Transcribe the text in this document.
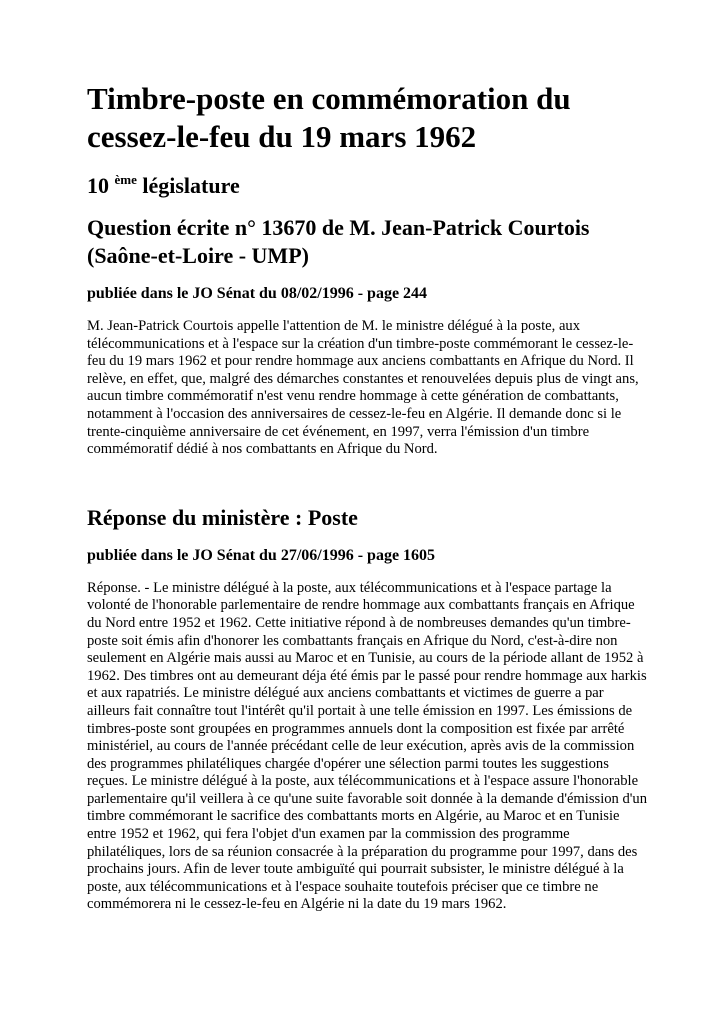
Timbre-poste en commémoration du cessez-le-feu du 19 mars 1962
10 $^{ème}$ législature
Question écrite n° 13670 de M. Jean-Patrick Courtois (Saône-et-Loire - UMP)
publiée dans le JO Sénat du 08/02/1996 - page 244

M. Jean-Patrick Courtois appelle l'attention de M. le ministre délégué à la poste, aux télécommunications et à l'espace sur la création d'un timbre-poste commémorant le cessez-le-feu du 19 mars 1962 et pour rendre hommage aux anciens combattants en Afrique du Nord. Il relève, en effet, que, malgré des démarches constantes et renouvelées depuis plus de vingt ans, aucun timbre commémoratif n'est venu rendre hommage à cette génération de combattants, notamment à l'occasion des anniversaires de cessez-le-feu en Algérie. Il demande donc si le trente-cinquième anniversaire de cet événement, en 1997, verra l'émission d'un timbre commémoratif dédié à nos combattants en Afrique du Nord.

Réponse du ministère : Poste
publiée dans le JO Sénat du 27/06/1996 - page 1605

Réponse. - Le ministre délégué à la poste, aux télécommunications et à l'espace partage la volonté de l'honorable parlementaire de rendre hommage aux combattants français en Afrique du Nord entre 1952 et 1962. Cette initiative répond à de nombreuses demandes qu'un timbre-poste soit émis afin d'honorer les combattants français en Afrique du Nord, c'est-à-dire non seulement en Algérie mais aussi au Maroc et en Tunisie, au cours de la période allant de 1952 à 1962. Des timbres ont au demeurant déja été émis par le passé pour rendre hommage aux harkis et aux rapatriés. Le ministre délégué aux anciens combattants et victimes de guerre a par ailleurs fait connaître tout l'intérêt qu'il portait à une telle émission en 1997. Les émissions de timbres-poste sont groupées en programmes annuels dont la composition est fixée par arrêté ministériel, au cours de l'année précédant celle de leur exécution, après avis de la commission des programmes philatéliques chargée d'opérer une sélection parmi toutes les suggestions reçues. Le ministre délégué à la poste, aux télécommunications et à l'espace assure l'honorable parlementaire qu'il veillera à ce qu'une suite favorable soit donnée à la demande d'émission d'un timbre commémorant le sacrifice des combattants morts en Algérie, au Maroc et en Tunisie entre 1952 et 1962, qui fera l'objet d'un examen par la commission des programme philatéliques, lors de sa réunion consacrée à la préparation du programme pour 1997, dans des prochains jours. Afin de lever toute ambiguïté qui pourrait subsister, le ministre délégué à la poste, aux télécommunications et à l'espace souhaite toutefois préciser que ce timbre ne commémorera ni le cessez-le-feu en Algérie ni la date du 19 mars 1962.
